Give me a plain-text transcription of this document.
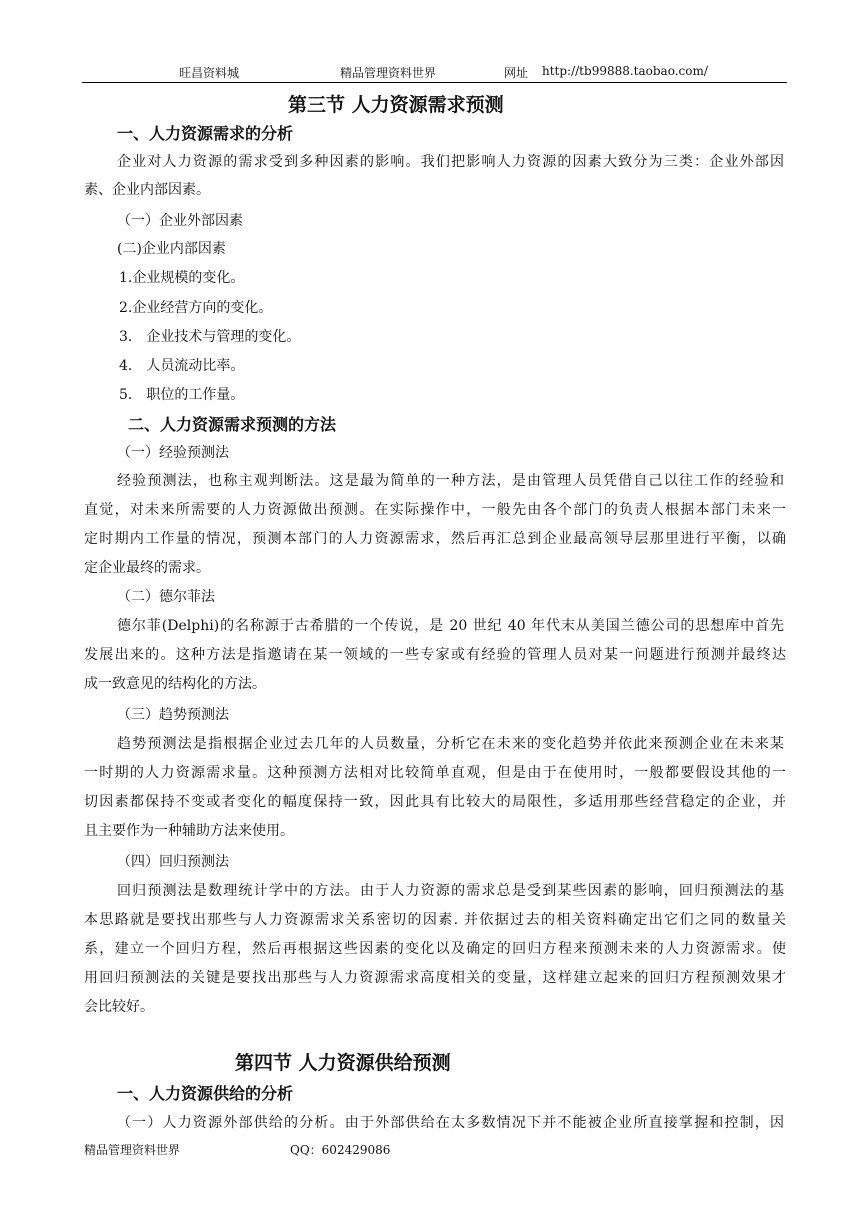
旺昌资料城	精品管理资料世界	网址 http://tb99888.taobao.com/
第三节 人力资源需求预测
一、人力资源需求的分析
企业对人力资源的需求受到多种因素的影响。我们把影响人力资源的因素大致分为三类：企业外部因
素、企业内部因素。
（一）企业外部因素
(二)企业内部因素
1.企业规模的变化。
2.企业经营方向的变化。
3． 企业技术与管理的变化。
4． 人员流动比率。
5． 职位的工作量。
二、人力资源需求预测的方法
（一）经验预测法
经验预测法，也称主观判断法。这是最为简单的一种方法，是由管理人员凭借自己以往工作的经验和
直觉，对未来所需要的人力资源做出预测。在实际操作中，一般先由各个部门的负责人根据本部门未来一
定时期内工作量的情况，预测本部门的人力资源需求，然后再汇总到企业最高领导层那里进行平衡，以确
定企业最终的需求。
（二）德尔菲法
德尔菲(Delphi)的名称源于古希腊的一个传说，是 20 世纪 40 年代末从美国兰德公司的思想库中首先
发展出来的。这种方法是指邀请在某一领域的一些专家或有经验的管理人员对某一问题进行预测并最终达
成一致意见的结构化的方法。
（三）趋势预测法
趋势预测法是指根据企业过去几年的人员数量，分析它在未来的变化趋势并依此来预测企业在未来某
一时期的人力资源需求量。这种预测方法相对比较简单直观，但是由于在使用时，一般都要假设其他的一
切因素都保持不变或者变化的幅度保持一致，因此具有比较大的局限性，多适用那些经营稳定的企业，并
且主要作为一种辅助方法来使用。
（四）回归预测法
回归预测法是数理统计学中的方法。由于人力资源的需求总是受到某些因素的影响，回归预测法的基
本思路就是要找出那些与人力资源需求关系密切的因素. 并依据过去的相关资料确定出它们之同的数量关
系，建立一个回归方程，然后再根据这些因素的变化以及确定的回归方程来预测未来的人力资源需求。使
用回归预测法的关键是要找出那些与人力资源需求高度相关的变量，这样建立起来的回归方程预测效果才
会比较好。
第四节 人力资源供给预测
一、人力资源供给的分析
（一）人力资源外部供给的分析。由于外部供给在太多数情况下并不能被企业所直接掌握和控制，因
精品管理资料世界	QQ：602429086
